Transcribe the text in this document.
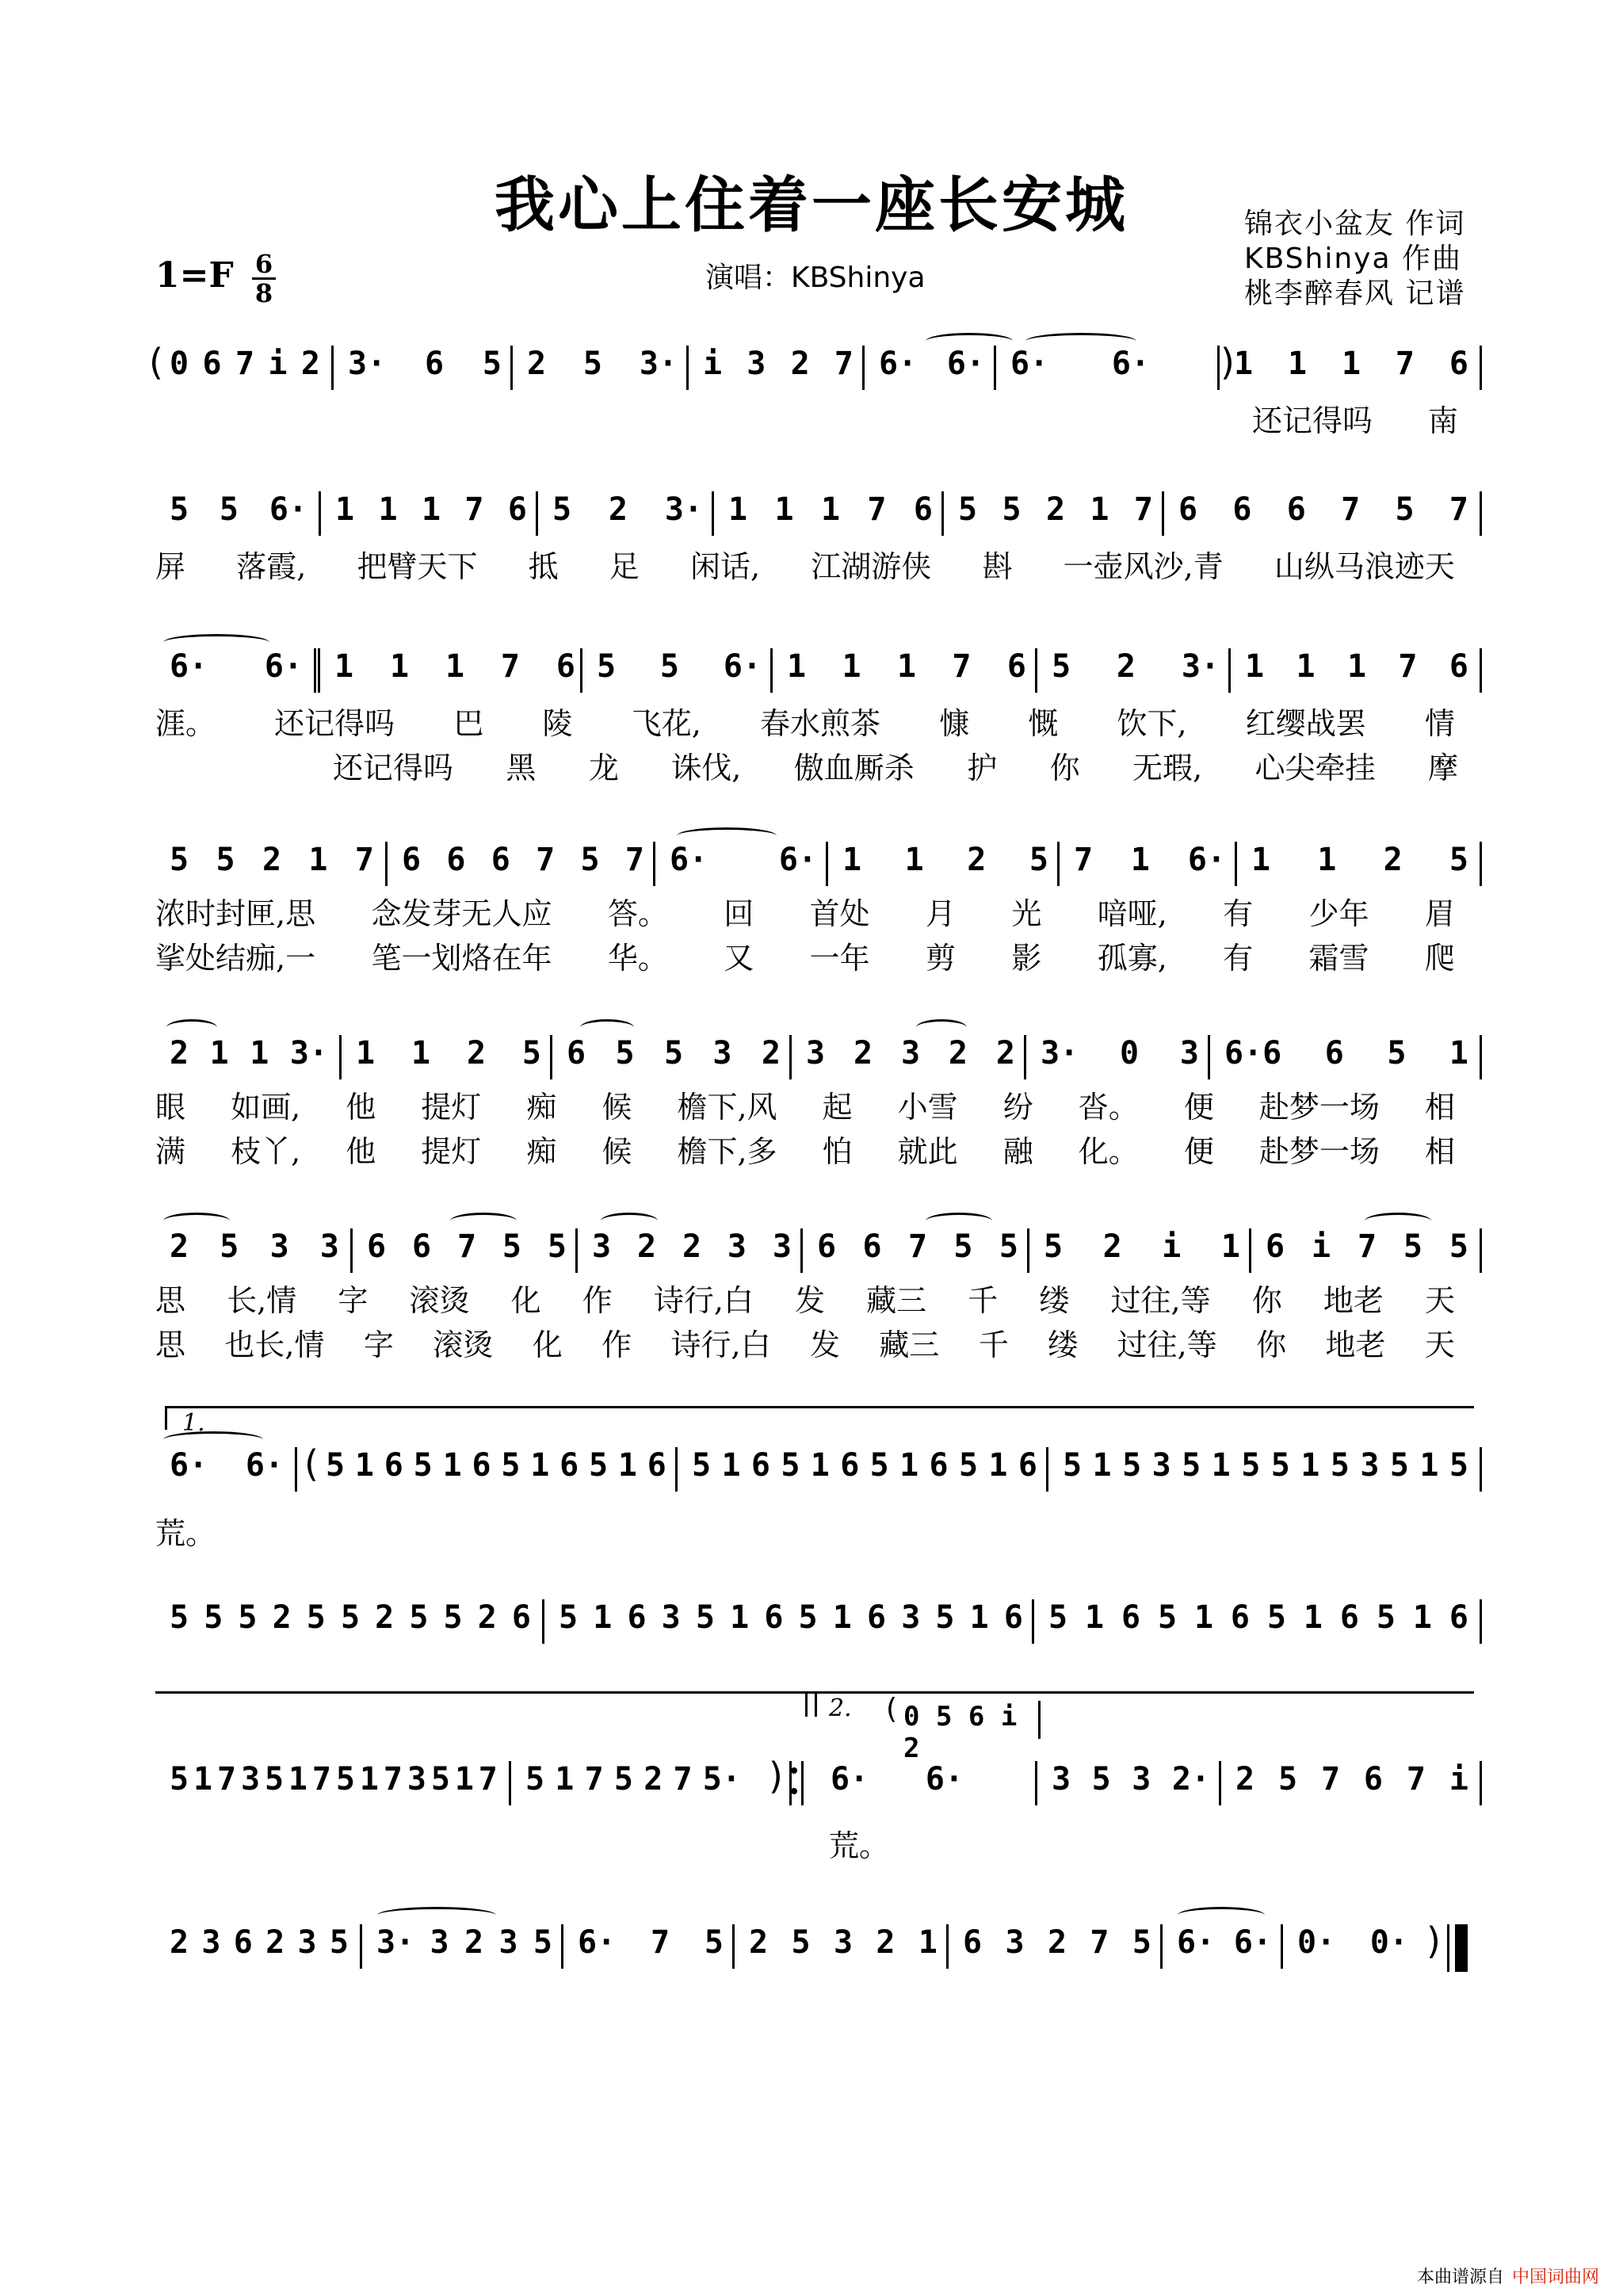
我心上住着一座长安城	锦衣小盆友 作词
KBShinya 作曲
桃李醉春风 记谱
1=F 6
8	演唱：KBShinya
( 0 6 7 i 2 3· 6 5 2 5 3· i 3 2 7 6· 6· 6· 6·	1 1 1 7 6
)
还记得吗 南
5 5 6· 1 1 1 7 6 5 2 3· 1 1 1 7 6 5 5 2 1 7 6 6 6 7 5 7
屏 落霞, 把臂天下 抵 足 闲话, 江湖游侠 斟 一壶风沙,青 山纵马浪迹天
6· 6· 1 1 1 7 6 5 5 6· 1 1 1 7 6 5 2 3· 1 1 1 7 6
涯。 还记得吗 巴 陵 飞花, 春水煎茶 慷 慨 饮下, 红缨战罢 情
还记得吗 黑 龙 诛伐, 傲血厮杀 护 你 无瑕, 心尖牵挂 摩
5 5 2 1 7 6 6 6 7 5 7 6· 6· 1 1 2 5 7 1 6· 1 1 2 5
浓时封匣,思 念发芽无人应 答。 回 首处 月 光 喑哑, 有 少年 眉
挲处结痂,一 笔一划烙在年 华。 又 一年 剪 影 孤寡, 有 霜雪 爬
2 1 1 3· 1 1 2 5 6 5 5 3 2 3 2 3 2 2 3· 0 3 6·6 6 5 1
眼 如画, 他 提灯 痴 候 檐下,风 起 小雪 纷 沓。 便 赴梦一场 相
满 枝丫, 他 提灯 痴 候 檐下,多 怕 就此 融 化。 便 赴梦一场 相
2 5 3 3 6 6 7 5 5 3 2 2 3 3 6 6 7 5 5 5 2 i 1 6 i 7 5 5
思 长,情 字 滚烫 化 作 诗行,白 发 藏三 千 缕 过往,等 你 地老 天
思 也长,情 字 滚烫 化 作 诗行,白 发 藏三 千 缕 过往,等 你 地老 天
1.
(
6· 6· 5 1 6 5 1 6 5 1 6 5 1 6 5 1 6 5 1 6 5 1 6 5 1 6 5 1 5 3 5 1 5 5 1 5 3 5 1 5
荒。
5 5 5 2 5 5 2 5 5 2 6 5 1 6 3 5 1 6 5 1 6 3 5 1 6 5 1 6 5 1 6 5 1 6 5 1 6
2. ( 0 5 6 i 2
5 1 7 3 5 1 7 5 1 7 3 5 1 7 5 1 7 5 2 7 5·	6· 6·	3 5 3 2· 2 5 7 6 7 i
)
荒。
2 3 6 2 3 5 3· 3 2 3 5 6· 7 5 2 5 3 2 1 6 3 2 7 5 6· 6· 0· 0· )
本曲谱源自 中国词曲网
